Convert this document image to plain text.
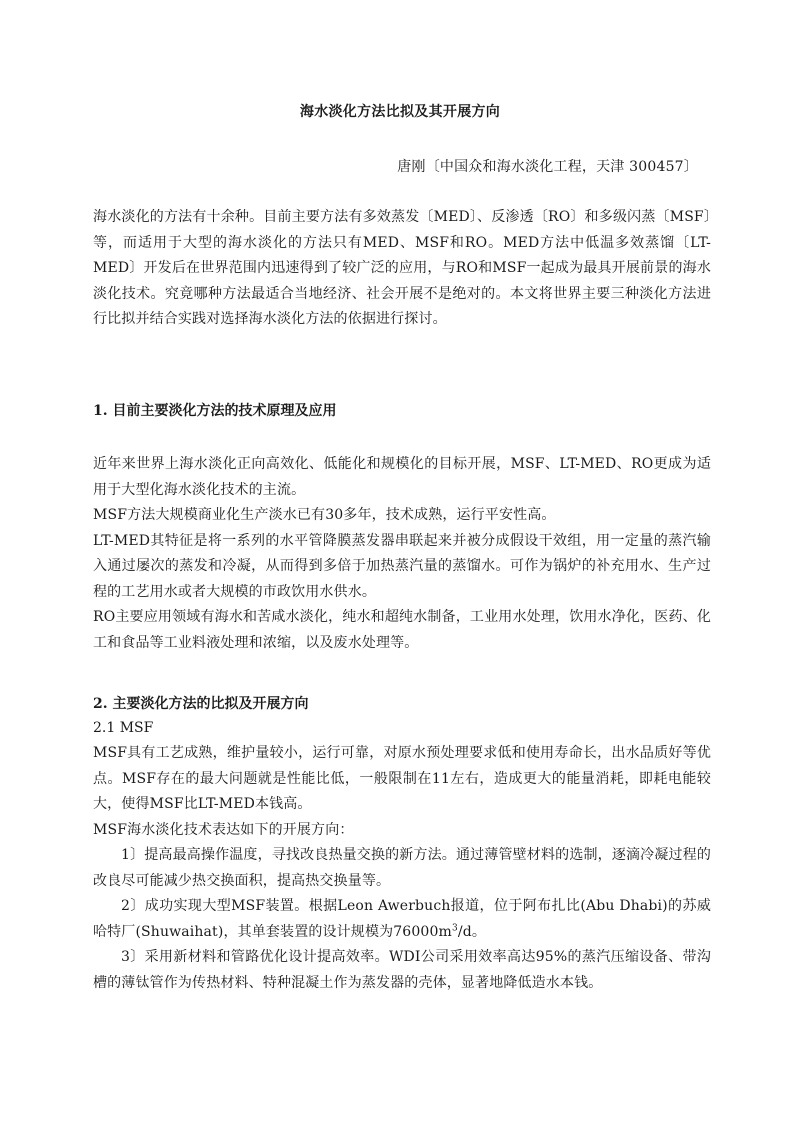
海水淡化方法比拟及其开展方向
唐刚〔中国众和海水淡化工程，天津 300457〕

海水淡化的方法有十余种。目前主要方法有多效蒸发〔MED〕、反渗透〔RO〕和多级闪蒸〔MSF〕等，而适用于大型的海水淡化的方法只有MED、MSF和RO。MED方法中低温多效蒸馏〔LT-MED〕开发后在世界范围内迅速得到了较广泛的应用，与RO和MSF一起成为最具开展前景的海水淡化技术。究竟哪种方法最适合当地经济、社会开展不是绝对的。本文将世界主要三种淡化方法进行比拟并结合实践对选择海水淡化方法的依据进行探讨。

1. 目前主要淡化方法的技术原理及应用

近年来世界上海水淡化正向高效化、低能化和规模化的目标开展，MSF、LT-MED、RO更成为适用于大型化海水淡化技术的主流。

MSF方法大规模商业化生产淡水已有30多年，技术成熟，运行平安性高。

LT-MED其特征是将一系列的水平管降膜蒸发器串联起来并被分成假设干效组，用一定量的蒸汽输入通过屡次的蒸发和冷凝，从而得到多倍于加热蒸汽量的蒸馏水。可作为锅炉的补充用水、生产过程的工艺用水或者大规模的市政饮用水供水。

RO主要应用领域有海水和苦咸水淡化，纯水和超纯水制备，工业用水处理，饮用水净化，医药、化工和食品等工业料液处理和浓缩，以及废水处理等。

2. 主要淡化方法的比拟及开展方向
2.1 MSF

MSF具有工艺成熟，维护量较小，运行可靠，对原水预处理要求低和使用寿命长，出水品质好等优点。MSF存在的最大问题就是性能比低，一般限制在11左右，造成更大的能量消耗，即耗电能较大，使得MSF比LT-MED本钱高。

MSF海水淡化技术表达如下的开展方向：

1〕提高最高操作温度，寻找改良热量交换的新方法。通过薄管壁材料的选制，逐滴冷凝过程的改良尽可能减少热交换面积，提高热交换量等。

2〕成功实现大型MSF装置。根据Leon Awerbuch报道，位于阿布扎比(Abu Dhabi)的苏威哈特厂(Shuwaihat)，其单套装置的设计规模为$76000m^3/d$。

3〕采用新材料和管路优化设计提高效率。WDI公司采用效率高达95%的蒸汽压缩设备、带沟槽的薄钛管作为传热材料、特种混凝土作为蒸发器的壳体，显著地降低造水本钱。
